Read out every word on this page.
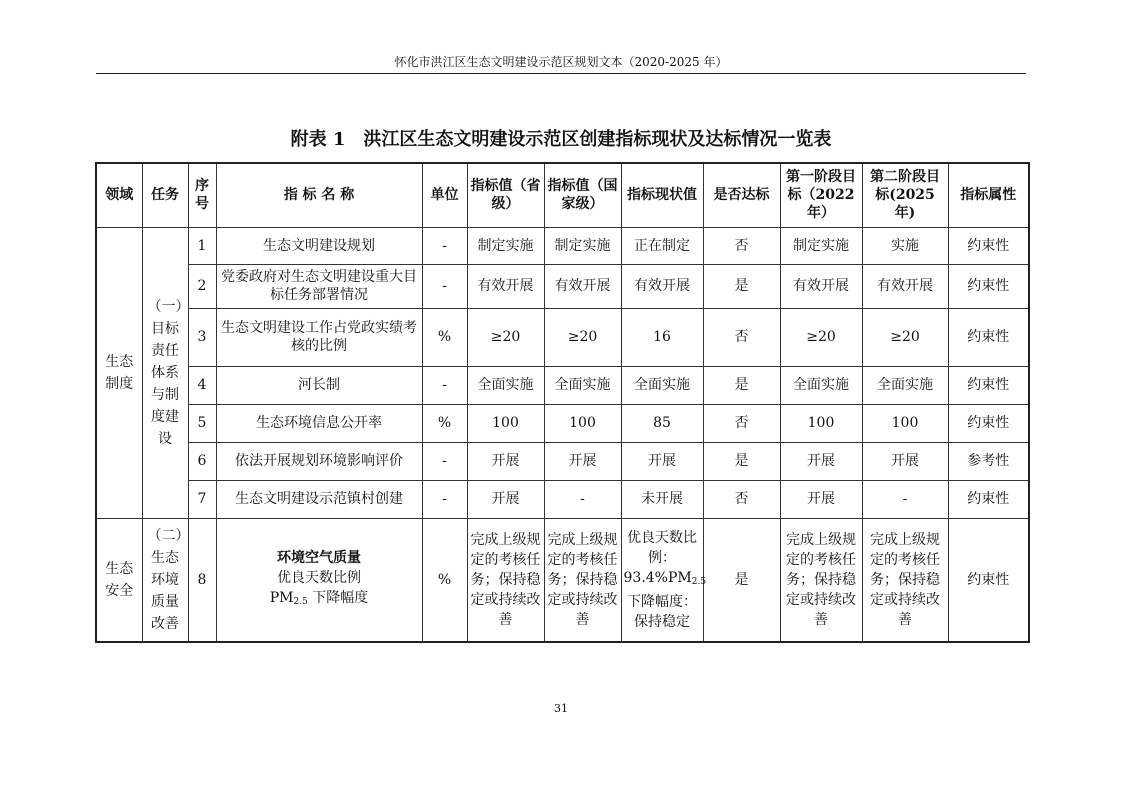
怀化市洪江区生态文明建设示范区规划文本（2020-2025 年）
附表 1　洪江区生态文明建设示范区创建指标现状及达标情况一览表
领域	任务	序号	指 标 名 称	单位	指标值（省级）	指标值（国家级）	指标现状值	是否达标	第一阶段目标（2022年）	第二阶段目标(2025 年)	指标属性
生态制度	（一）目标责任体系与制度建设	1	生态文明建设规划	-	制定实施	制定实施	正在制定	否	制定实施	实施	约束性
		2	党委政府对生态文明建设重大目标任务部署情况	-	有效开展	有效开展	有效开展	是	有效开展	有效开展	约束性
		3	生态文明建设工作占党政实绩考核的比例	%	≥20	≥20	16	否	≥20	≥20	约束性
		4	河长制	-	全面实施	全面实施	全面实施	是	全面实施	全面实施	约束性
		5	生态环境信息公开率	%	100	100	85	否	100	100	约束性
		6	依法开展规划环境影响评价	-	开展	开展	开展	是	开展	开展	参考性
		7	生态文明建设示范镇村创建	-	开展	-	未开展	否	开展	-	约束性
生态安全	（二）生态环境质量改善	8	环境空气质量
优良天数比例
$PM_{2.5}$ 下降幅度	%	完成上级规定的考核任务；保持稳定或持续改善	完成上级规定的考核任务；保持稳定或持续改善	优良天数比例：$93.4\%PM_{2.5}$ 下降幅度：保持稳定	是	完成上级规定的考核任务；保持稳定或持续改善	完成上级规定的考核任务；保持稳定或持续改善	约束性
31
